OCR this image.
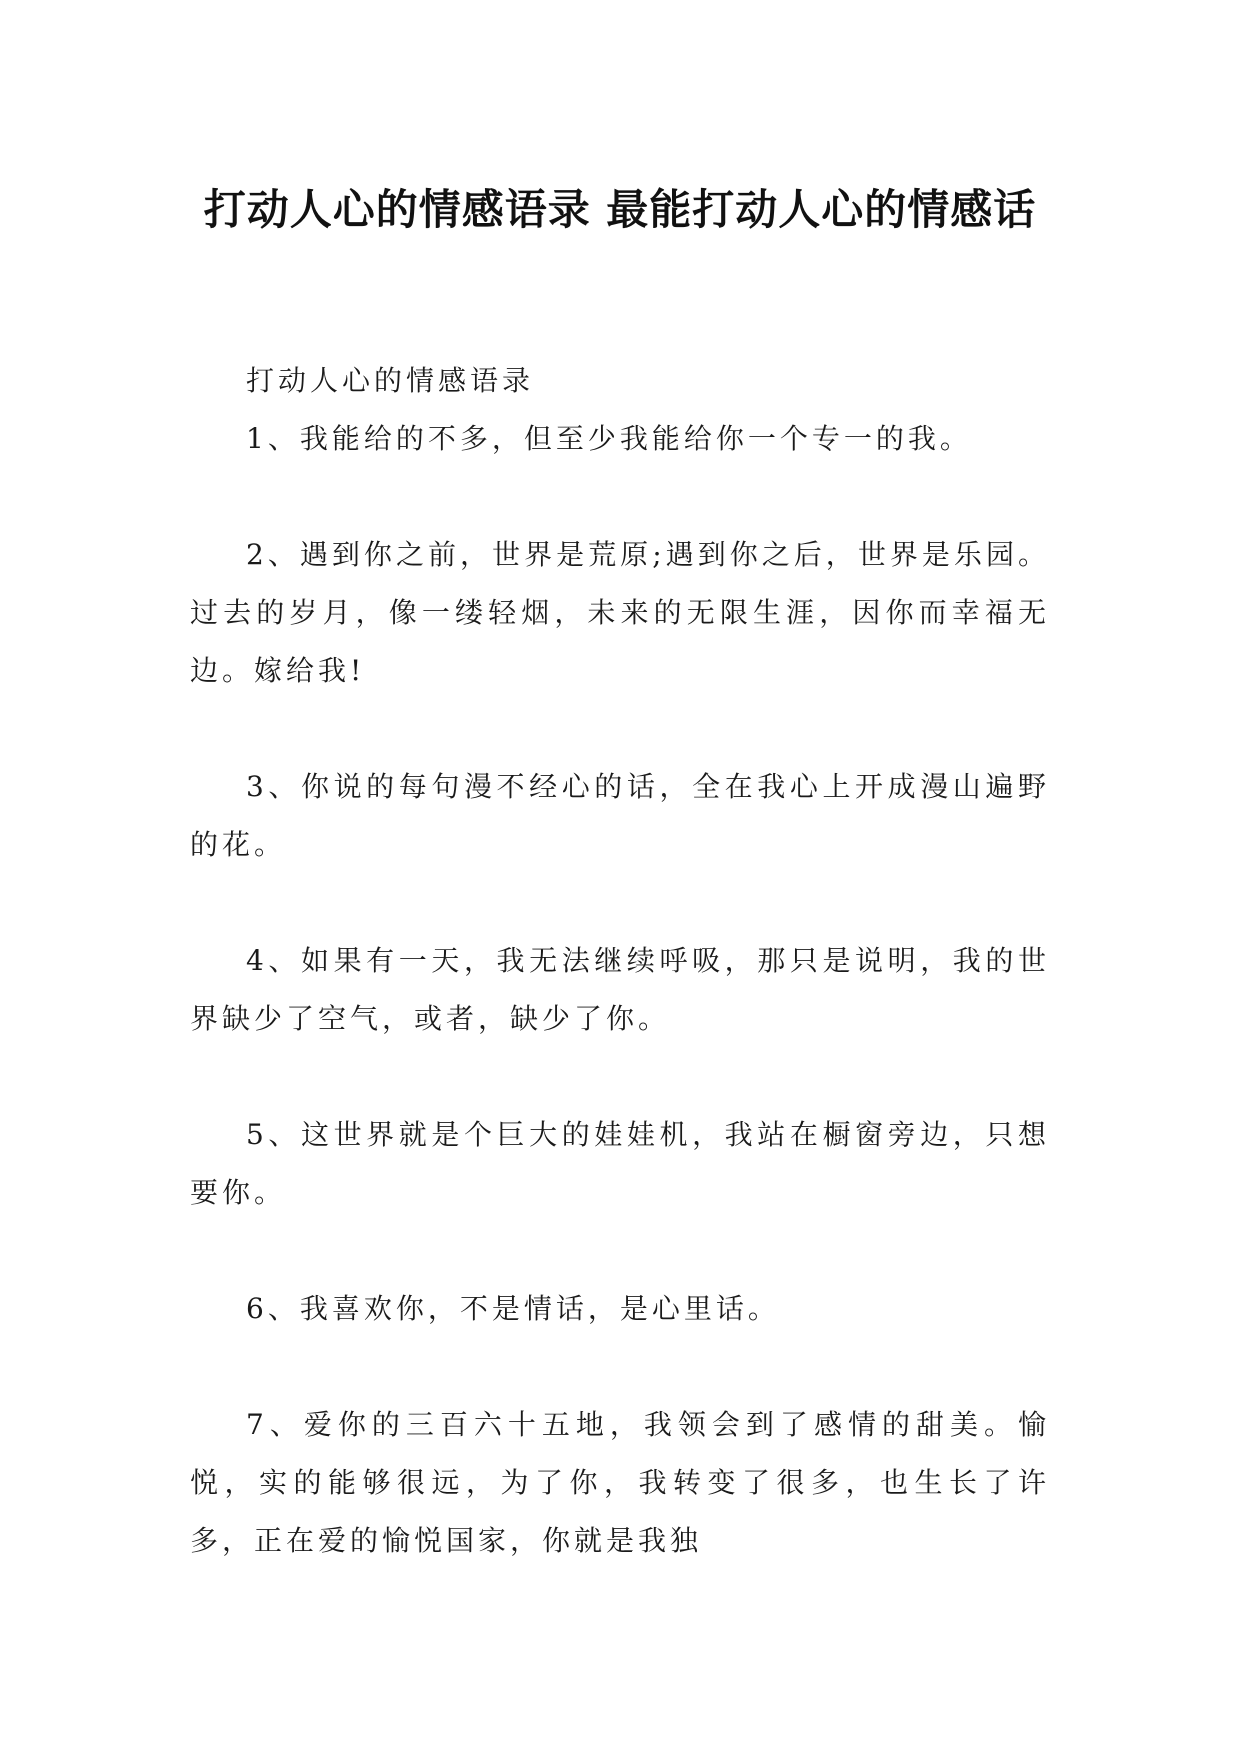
打动人心的情感语录 最能打动人心的情感话

打动人心的情感语录

1、我能给的不多，但至少我能给你一个专一的我。

2、遇到你之前，世界是荒原;遇到你之后，世界是乐园。过去的岁月，像一缕轻烟，未来的无限生涯，因你而幸福无边。嫁给我!

3、你说的每句漫不经心的话，全在我心上开成漫山遍野的花。

4、如果有一天，我无法继续呼吸，那只是说明，我的世界缺少了空气，或者，缺少了你。

5、这世界就是个巨大的娃娃机，我站在橱窗旁边，只想要你。

6、我喜欢你，不是情话，是心里话。

7、爱你的三百六十五地，我领会到了感情的甜美。愉悦，实的能够很远，为了你，我转变了很多，也生长了许多，正在爱的愉悦国家，你就是我独
